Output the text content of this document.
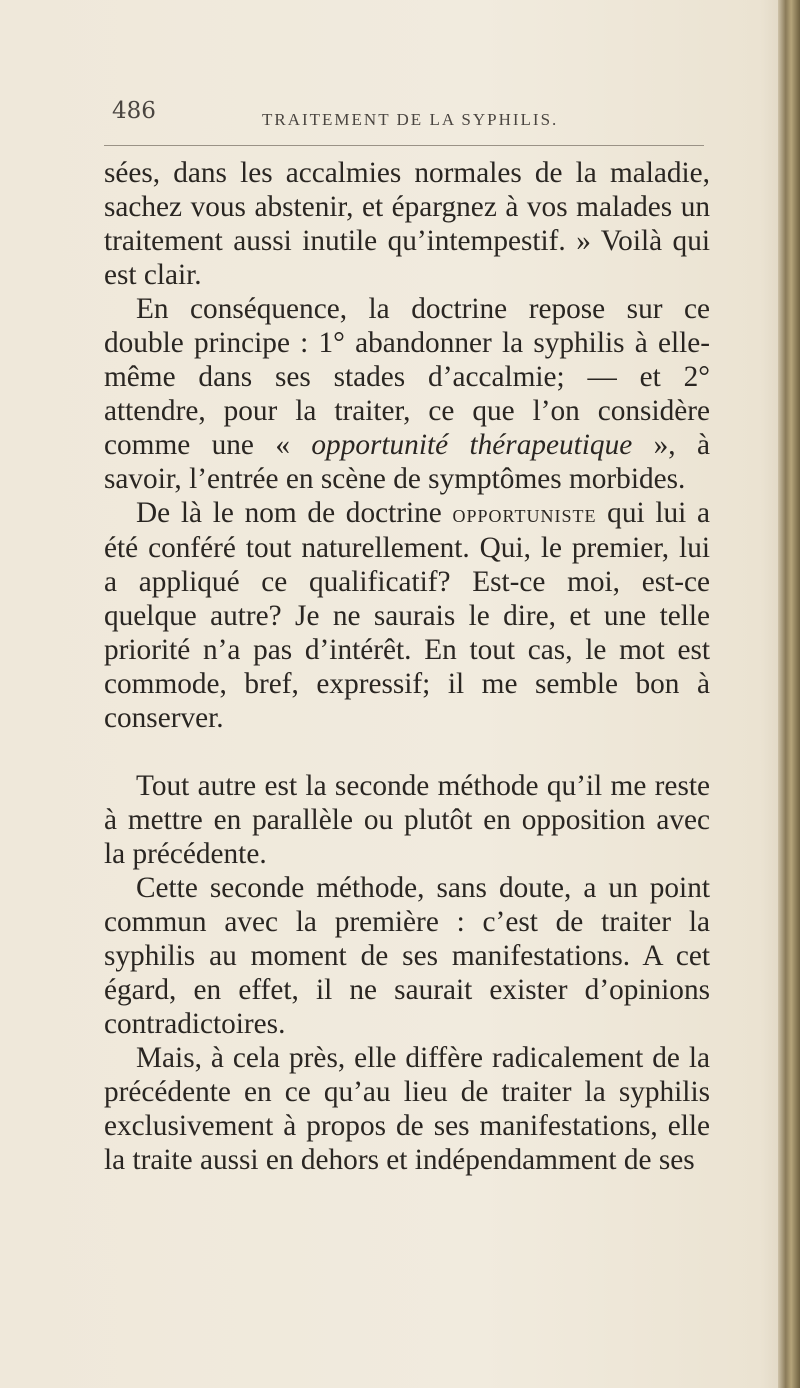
486	TRAITEMENT DE LA SYPHILIS.

sées, dans les accalmies normales de la maladie, sachez vous abstenir, et épargnez à vos malades un traitement aussi inutile qu’intempestif. » Voilà qui est clair.

En conséquence, la doctrine repose sur ce double principe : 1° abandonner la syphilis à elle-même dans ses stades d’accalmie; — et 2° attendre, pour la traiter, ce que l’on considère comme une « opportunité thérapeutique », à savoir, l’entrée en scène de symptômes morbides.

De là le nom de doctrine opportuniste qui lui a été conféré tout naturellement. Qui, le premier, lui a appliqué ce qualificatif? Est-ce moi, est-ce quelque autre? Je ne saurais le dire, et une telle priorité n’a pas d’intérêt. En tout cas, le mot est commode, bref, expressif; il me semble bon à conserver.

Tout autre est la seconde méthode qu’il me reste à mettre en parallèle ou plutôt en opposition avec la précédente.

Cette seconde méthode, sans doute, a un point commun avec la première : c’est de traiter la syphilis au moment de ses manifestations. A cet égard, en effet, il ne saurait exister d’opinions contradictoires.

Mais, à cela près, elle diffère radicalement de la précédente en ce qu’au lieu de traiter la syphilis exclusivement à propos de ses manifestations, elle la traite aussi en dehors et indépendamment de ses
